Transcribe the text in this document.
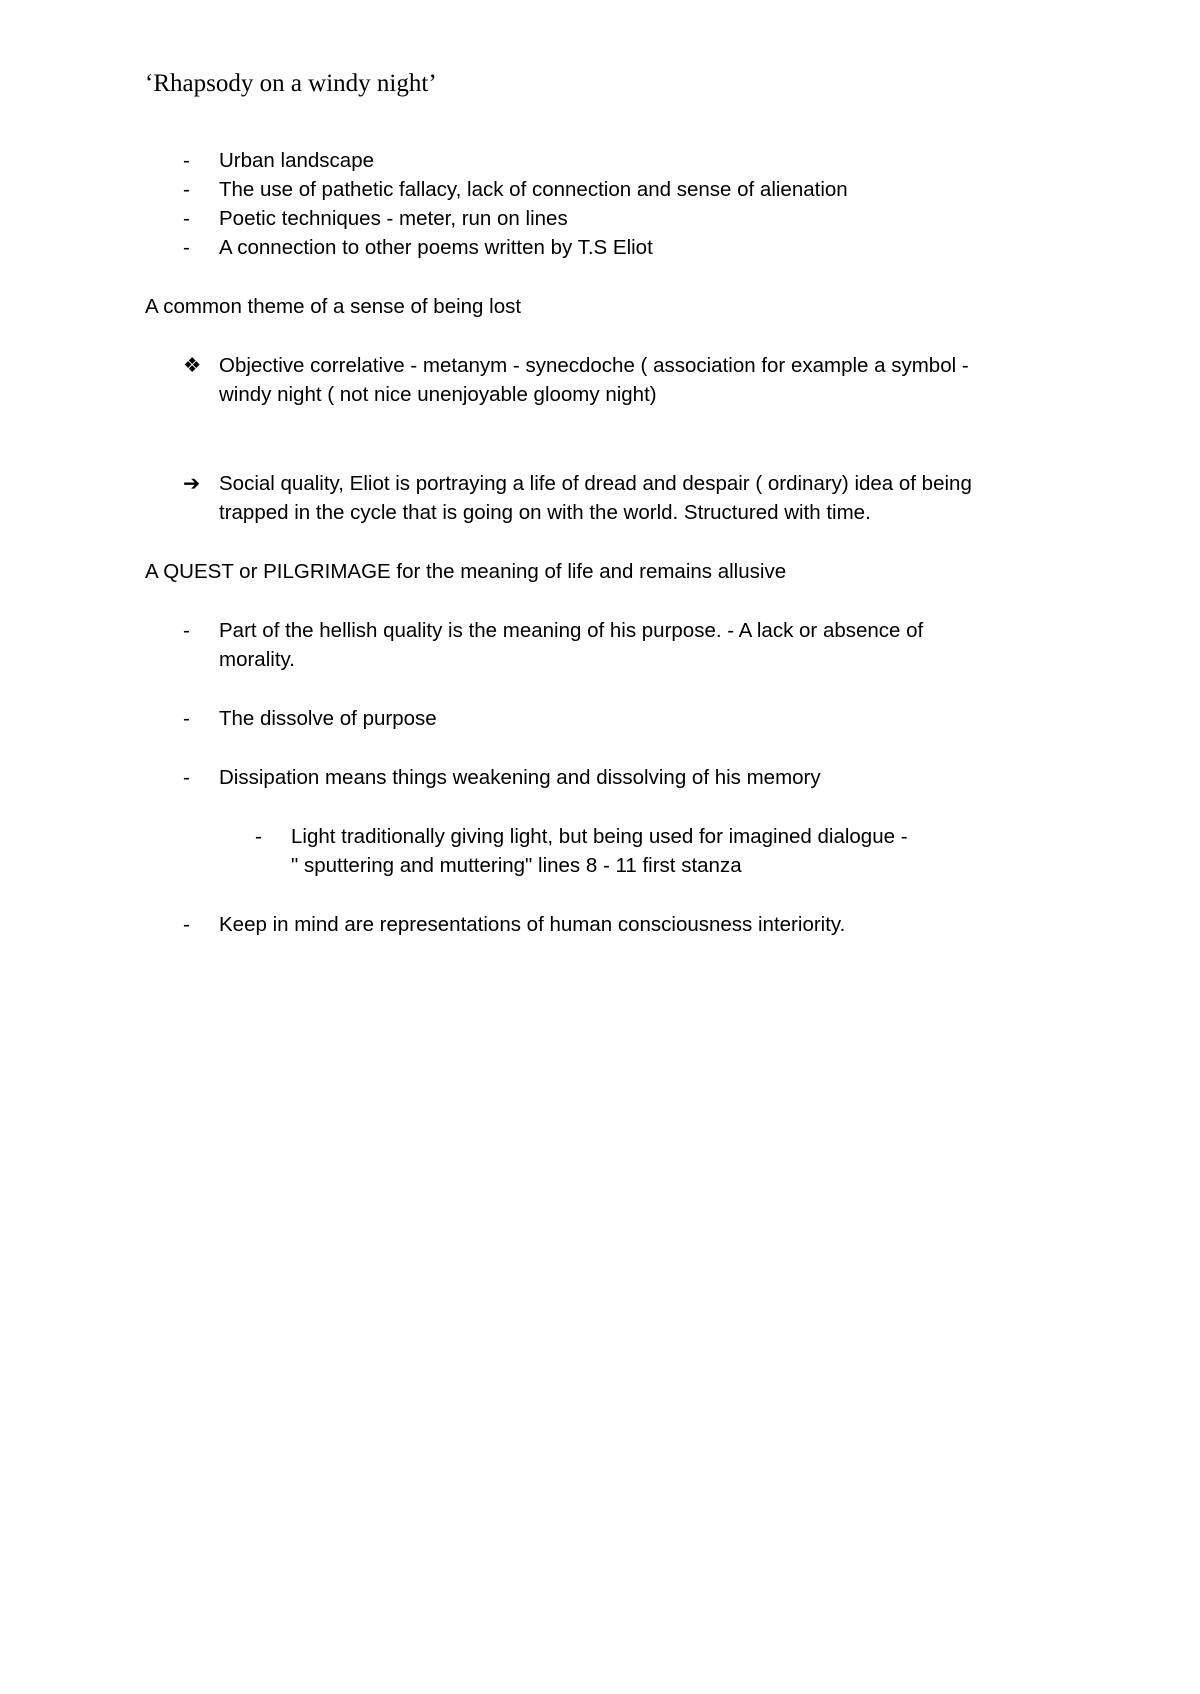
‘Rhapsody on a windy night’
-	Urban landscape
-	The use of pathetic fallacy, lack of connection and sense of alienation
-	Poetic techniques - meter, run on lines
-	A connection to other poems written by T.S Eliot
A common theme of a sense of being lost
❖ Objective correlative - metanym - synecdoche ( association for example a symbol -
windy night ( not nice unenjoyable gloomy night)
➔ Social quality, Eliot is portraying a life of dread and despair ( ordinary) idea of being
trapped in the cycle that is going on with the world. Structured with time.
A QUEST or PILGRIMAGE for the meaning of life and remains allusive
-	Part of the hellish quality is the meaning of his purpose. - A lack or absence of
morality.
-	The dissolve of purpose
-	Dissipation means things weakening and dissolving of his memory
-	Light traditionally giving light, but being used for imagined dialogue -
" sputtering and muttering" lines 8 - 11 first stanza
-	Keep in mind are representations of human consciousness interiority.
